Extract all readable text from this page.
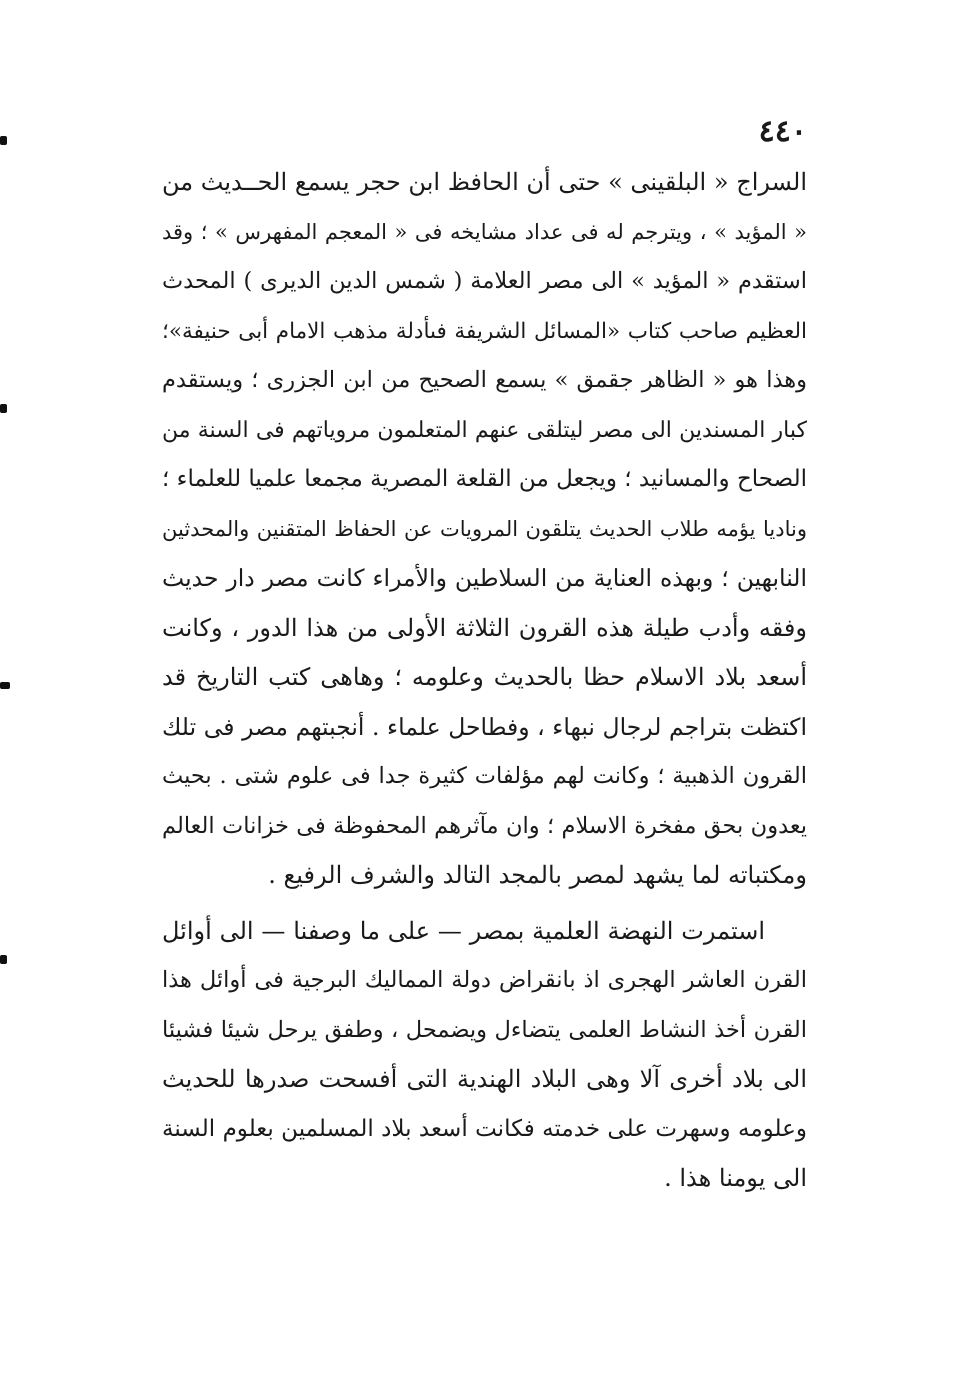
٤٤٠
السراج « البلقينى » حتى أن الحافظ ابن حجر يسمع الحــديث من
« المؤيد » ، ويترجم له فى عداد مشايخه فى « المعجم المفهرس » ؛ وقد
استقدم « المؤيد » الى مصر العلامة ( شمس الدين الديرى ) المحدث
العظيم صاحب كتاب «المسائل الشريفة فىأدلة مذهب الامام أبى حنيفة»؛
وهذا هو « الظاهر جقمق » يسمع الصحيح من ابن الجزرى ؛ ويستقدم
كبار المسندين الى مصر ليتلقى عنهم المتعلمون مروياتهم فى السنة من
الصحاح والمسانيد ؛ ويجعل من القلعة المصرية مجمعا علميا للعلماء ؛
وناديا يؤمه طلاب الحديث يتلقون المرويات عن الحفاظ المتقنين والمحدثين
النابهين ؛ وبهذه العناية من السلاطين والأمراء كانت مصر دار حديث
وفقه وأدب طيلة هذه القرون الثلاثة الأولى من هذا الدور ، وكانت
أسعد بلاد الاسلام حظا بالحديث وعلومه ؛ وهاهى كتب التاريخ قد
اكتظت بتراجم لرجال نبهاء ، وفطاحل علماء . أنجبتهم مصر فى تلك
القرون الذهبية ؛ وكانت لهم مؤلفات كثيرة جدا فى علوم شتى . بحيث
يعدون بحق مفخرة الاسلام ؛ وان مآثرهم المحفوظة فى خزانات العالم
ومكتباته لما يشهد لمصر بالمجد التالد والشرف الرفيع .
استمرت النهضة العلمية بمصر — على ما وصفنا — الى أوائل
القرن العاشر الهجرى اذ بانقراض دولة المماليك البرجية فى أوائل هذا
القرن أخذ النشاط العلمى يتضاءل ويضمحل ، وطفق يرحل شيئا فشيئا
الى بلاد أخرى آلا وهى البلاد الهندية التى أفسحت صدرها للحديث
وعلومه وسهرت على خدمته فكانت أسعد بلاد المسلمين بعلوم السنة
الى يومنا هذا .
